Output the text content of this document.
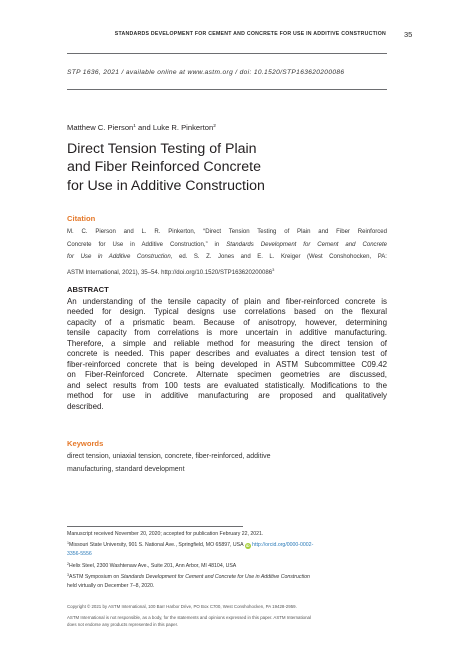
STANDARDS DEVELOPMENT FOR CEMENT AND CONCRETE FOR USE IN ADDITIVE CONSTRUCTION 35
STP 1636, 2021 / available online at www.astm.org / doi: 10.1520/STP163620200086
Matthew C. Pierson$^1$ and Luke R. Pinkerton$^2$
Direct Tension Testing of Plain
and Fiber Reinforced Concrete
for Use in Additive Construction
Citation
M. C. Pierson and L. R. Pinkerton, “Direct Tension Testing of Plain and Fiber Reinforced
Concrete for Use in Additive Construction,” in Standards Development for Cement and Concrete
for Use in Additive Construction, ed. S. Z. Jones and E. L. Kreiger (West Conshohocken, PA:
ASTM International, 2021), 35–54. http://doi.org/10.1520/STP163620200086$^3$
ABSTRACT
An understanding of the tensile capacity of plain and fiber-reinforced concrete is
needed for design. Typical designs use correlations based on the flexural
capacity of a prismatic beam. Because of anisotropy, however, determining
tensile capacity from correlations is more uncertain in additive manufacturing.
Therefore, a simple and reliable method for measuring the direct tension of
concrete is needed. This paper describes and evaluates a direct tension test of
fiber-reinforced concrete that is being developed in ASTM Subcommittee C09.42
on Fiber-Reinforced Concrete. Alternate specimen geometries are discussed,
and select results from 100 tests are evaluated statistically. Modifications to the
method for use in additive manufacturing are proposed and qualitatively
described.
Keywords
direct tension, uniaxial tension, concrete, fiber-reinforced, additive
manufacturing, standard development
Manuscript received November 20, 2020; accepted for publication February 22, 2021.
$^1$Missouri State University, 901 S. National Ave., Springfield, MO 65897, USA iD http://orcid.org/0000-0002-
3356-5556
$^2$Helix Steel, 2300 Washtenaw Ave., Suite 201, Ann Arbor, MI 48104, USA
$^3$ASTM Symposium on Standards Development for Cement and Concrete for Use in Additive Construction
held virtually on December 7–8, 2020.
Copyright © 2021 by ASTM International, 100 Barr Harbor Drive, PO Box C700, West Conshohocken, PA 19428-2959.
ASTM International is not responsible, as a body, for the statements and opinions expressed in this paper. ASTM International
does not endorse any products represented in this paper.
